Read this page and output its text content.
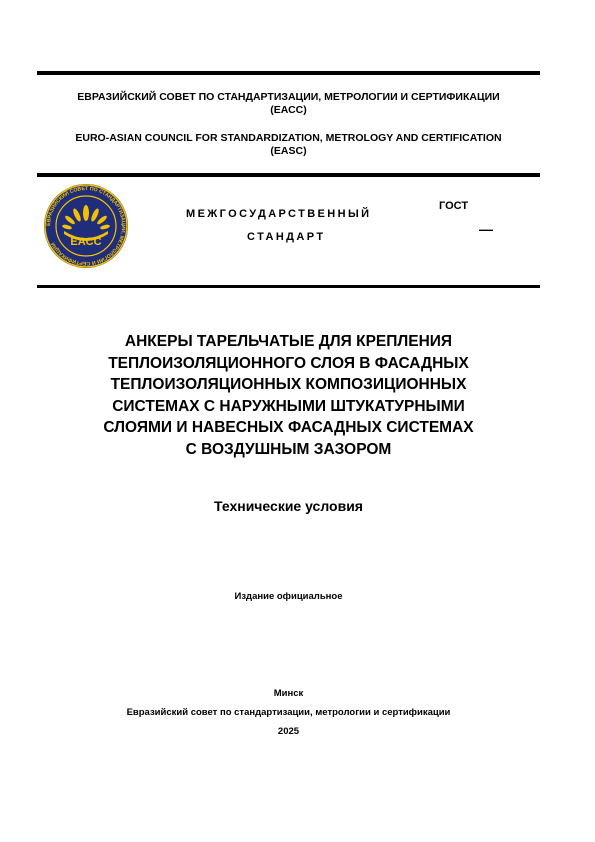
ЕВРАЗИЙСКИЙ СОВЕТ ПО СТАНДАРТИЗАЦИИ, МЕТРОЛОГИИ И СЕРТИФИКАЦИИ
(ЕАСС)
EURO-ASIAN COUNCIL FOR STANDARDIZATION, METROLOGY AND CERTIFICATION
(EASC)
ЕВРАЗИЙСКИЙ СОВЕТ ПО СТАНДАРТИЗАЦИИ, МЕТРОЛОГИИ И СЕРТИФИКАЦИИ	EACC
МЕЖГОСУДАРСТВЕННЫЙ
СТАНДАРТ
ГОСТ
—
АНКЕРЫ ТАРЕЛЬЧАТЫЕ ДЛЯ КРЕПЛЕНИЯ
ТЕПЛОИЗОЛЯЦИОННОГО СЛОЯ В ФАСАДНЫХ
ТЕПЛОИЗОЛЯЦИОННЫХ КОМПОЗИЦИОННЫХ
СИСТЕМАХ С НАРУЖНЫМИ ШТУКАТУРНЫМИ
СЛОЯМИ И НАВЕСНЫХ ФАСАДНЫХ СИСТЕМАХ
С ВОЗДУШНЫМ ЗАЗОРОМ
Технические условия
Издание официальное
Минск
Евразийский совет по стандартизации, метрологии и сертификации
2025
